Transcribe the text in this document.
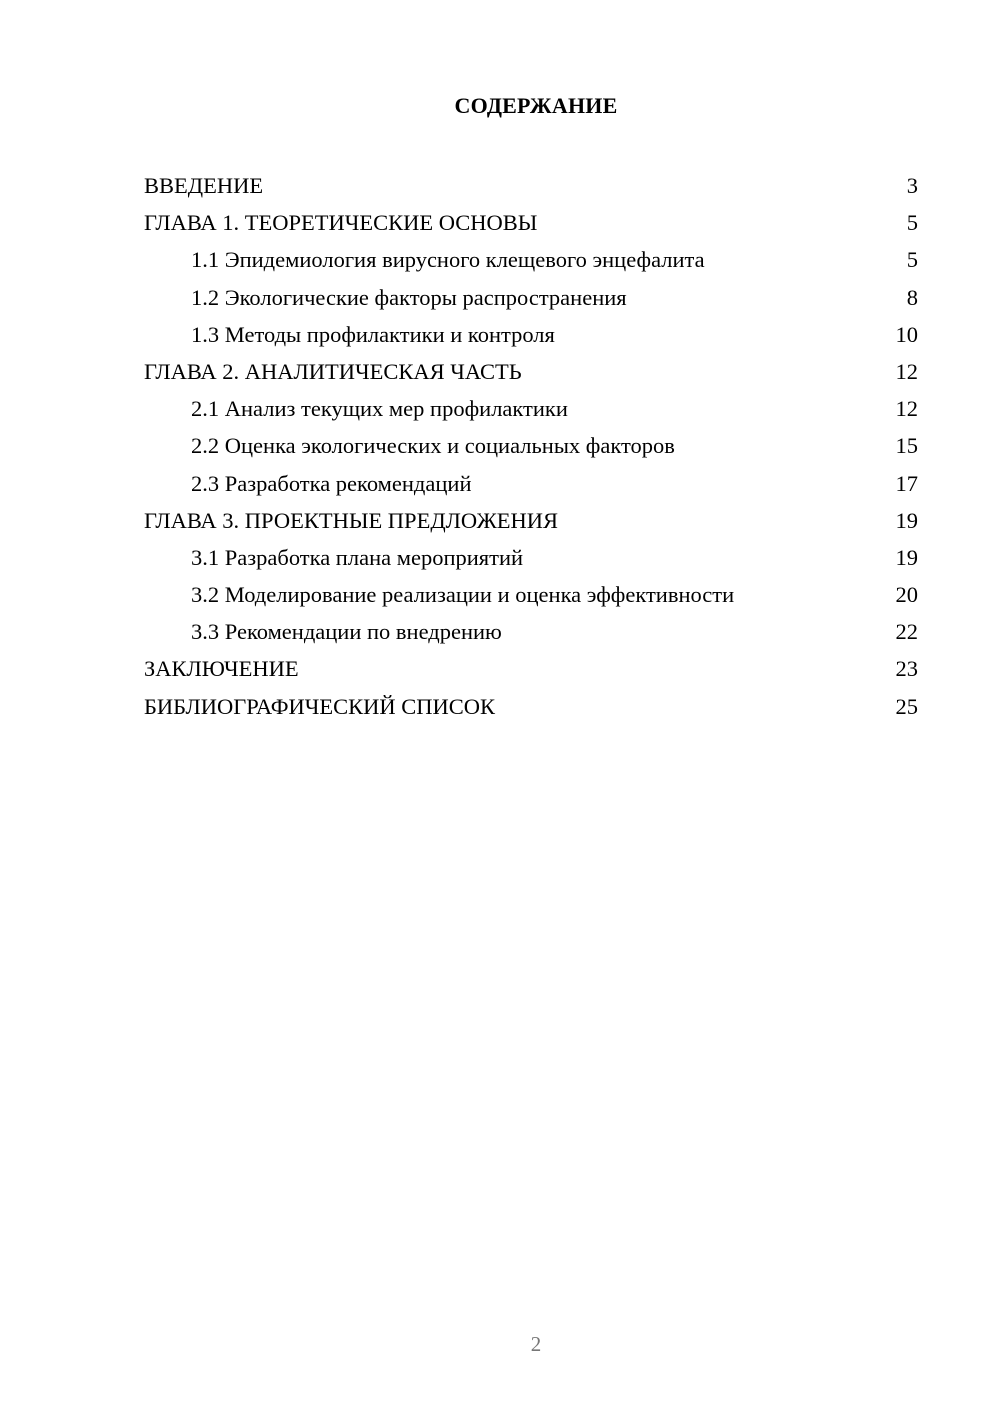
СОДЕРЖАНИЕ
ВВЕДЕНИЕ	3
ГЛАВА 1. ТЕОРЕТИЧЕСКИЕ ОСНОВЫ	5
1.1 Эпидемиология вирусного клещевого энцефалита	5
1.2 Экологические факторы распространения	8
1.3 Методы профилактики и контроля	10
ГЛАВА 2. АНАЛИТИЧЕСКАЯ ЧАСТЬ	12
2.1 Анализ текущих мер профилактики	12
2.2 Оценка экологических и социальных факторов	15
2.3 Разработка рекомендаций	17
ГЛАВА 3. ПРОЕКТНЫЕ ПРЕДЛОЖЕНИЯ	19
3.1 Разработка плана мероприятий	19
3.2 Моделирование реализации и оценка эффективности	20
3.3 Рекомендации по внедрению	22
ЗАКЛЮЧЕНИЕ	23
БИБЛИОГРАФИЧЕСКИЙ СПИСОК	25
2
